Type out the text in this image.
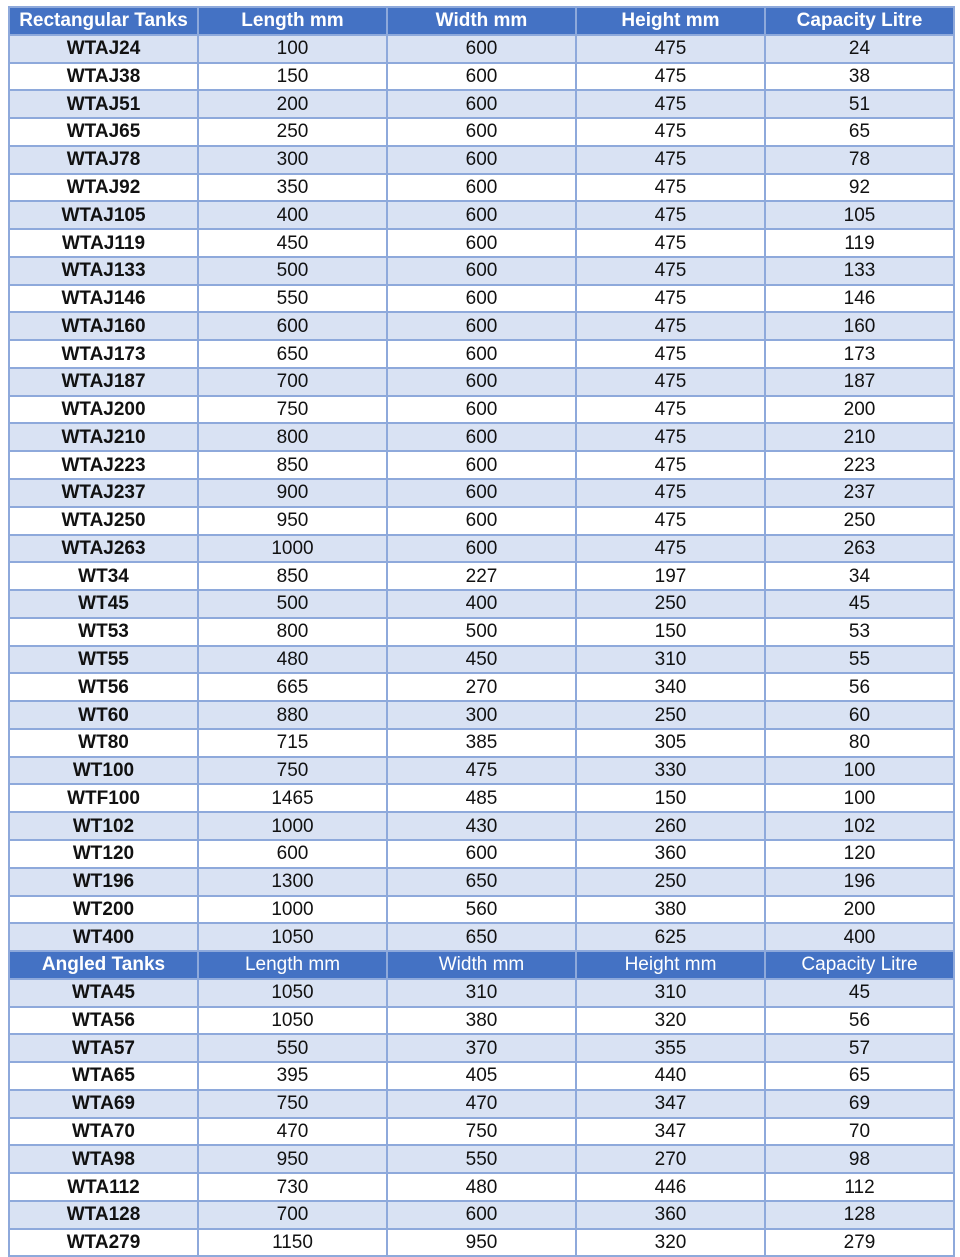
Rectangular Tanks	Length mm	Width mm	Height mm	Capacity Litre
WTAJ24	100	600	475	24
WTAJ38	150	600	475	38
WTAJ51	200	600	475	51
WTAJ65	250	600	475	65
WTAJ78	300	600	475	78
WTAJ92	350	600	475	92
WTAJ105	400	600	475	105
WTAJ119	450	600	475	119
WTAJ133	500	600	475	133
WTAJ146	550	600	475	146
WTAJ160	600	600	475	160
WTAJ173	650	600	475	173
WTAJ187	700	600	475	187
WTAJ200	750	600	475	200
WTAJ210	800	600	475	210
WTAJ223	850	600	475	223
WTAJ237	900	600	475	237
WTAJ250	950	600	475	250
WTAJ263	1000	600	475	263
WT34	850	227	197	34
WT45	500	400	250	45
WT53	800	500	150	53
WT55	480	450	310	55
WT56	665	270	340	56
WT60	880	300	250	60
WT80	715	385	305	80
WT100	750	475	330	100
WTF100	1465	485	150	100
WT102	1000	430	260	102
WT120	600	600	360	120
WT196	1300	650	250	196
WT200	1000	560	380	200
WT400	1050	650	625	400
Angled Tanks	Length mm	Width mm	Height mm	Capacity Litre
WTA45	1050	310	310	45
WTA56	1050	380	320	56
WTA57	550	370	355	57
WTA65	395	405	440	65
WTA69	750	470	347	69
WTA70	470	750	347	70
WTA98	950	550	270	98
WTA112	730	480	446	112
WTA128	700	600	360	128
WTA279	1150	950	320	279
